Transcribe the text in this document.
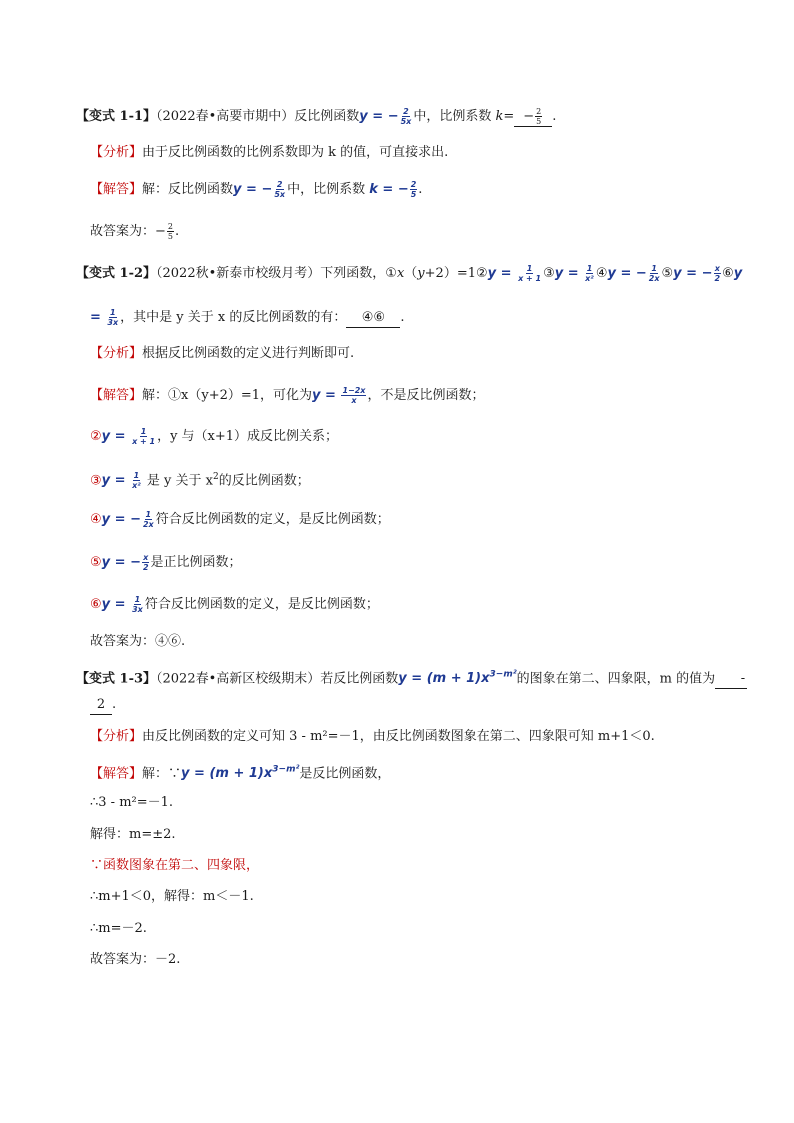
【变式 1-1】（2022春•高要市期中）反比例函数y = − $\frac{2}{5x}$ 中，比例系数 $k= - \frac{2}{5}$ .
【分析】由于反比例函数的比例系数即为 k 的值，可直接求出.
【解答】解：反比例函数y = − $\frac{2}{5x}$ 中，比例系数 k = − $\frac{2}{5}$ .
故答案为：− $\frac{2}{5}$ .
【变式 1-2】（2022秋•新泰市校级月考）下列函数，①x（y+2）=1②y = $\frac{1}{x + 1}$ ③y = $\frac{1}{\text{x²}}$ ④y = − $\frac{1}{2x}$ ⑤y = − $\frac{x}{2}$ ⑥y
= $\frac{1}{3x}$ ，其中是 y 关于 x 的反比例函数的有： ④⑥ .
【分析】根据反比例函数的定义进行判断即可.
【解答】解：①x（y+2）=1，可化为$y = \frac{1-2x}{x}$ ，不是反比例函数；
②y = $\frac{1}{x + 1}$ ，y 与（x+1）成反比例关系；
③y = $\frac{1}{\text{x²}}$ 是 y 关于 $x^2$的反比例函数；
④y = − $\frac{1}{2x}$ 符合反比例函数的定义，是反比例函数；
⑤y = − $\frac{x}{2}$ 是正比例函数；
⑥y = $\frac{1}{3x}$ 符合反比例函数的定义，是反比例函数；
故答案为：④⑥.
【变式 1-3】（2022春•高新区校级期末）若反比例函数$y = (m + 1)x^{3-m^2}$的图象在第二、四象限，m 的值为 -
2 .
【分析】由反比例函数的定义可知 3 - m²=－1，由反比例函数图象在第二、四象限可知 m+1＜0.
【解答】解：∵y = $(m + 1)x^{3-m^2}$是反比例函数，
∴3 - m²=－1.
解得：m=±2.
∵函数图象在第二、四象限，
∴m+1＜0，解得：m＜－1.
∴m=－2.
故答案为：－2.
